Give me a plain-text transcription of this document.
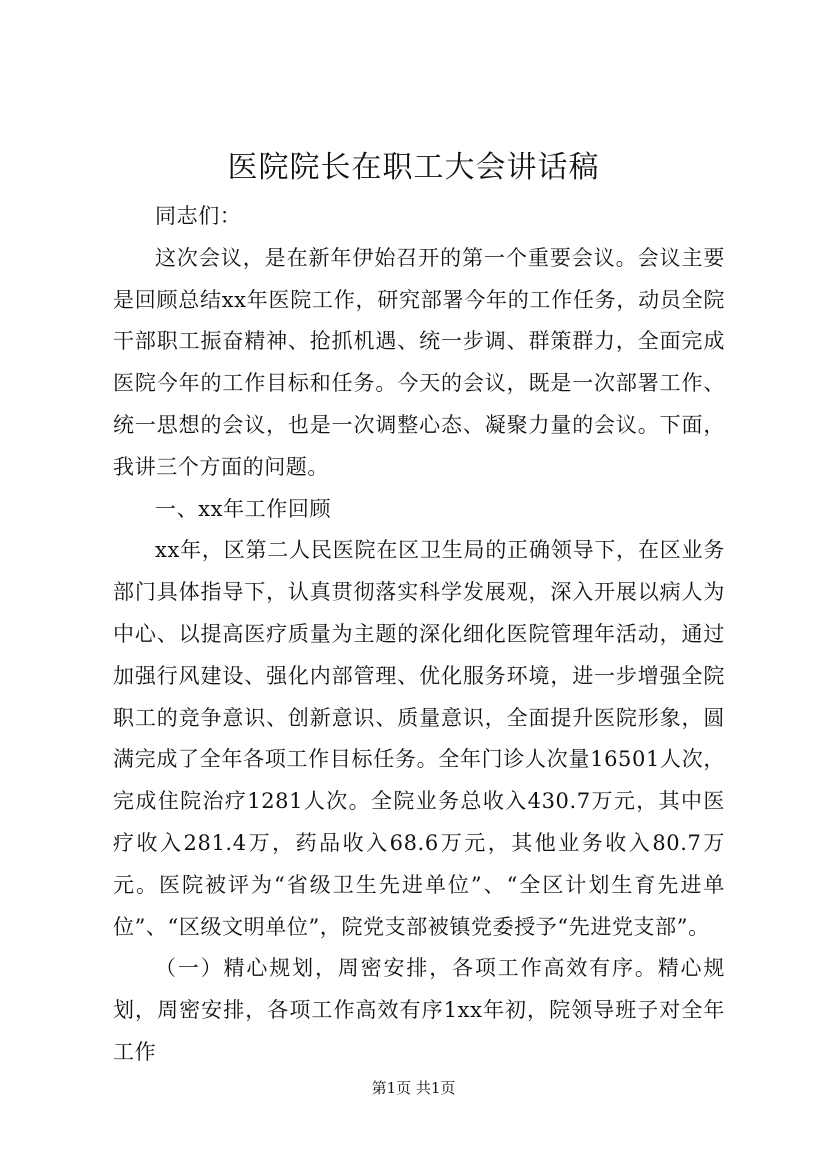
医院院长在职工大会讲话稿

同志们：

这次会议，是在新年伊始召开的第一个重要会议。会议主要是回顾总结xx年医院工作，研究部署今年的工作任务，动员全院干部职工振奋精神、抢抓机遇、统一步调、群策群力，全面完成医院今年的工作目标和任务。今天的会议，既是一次部署工作、统一思想的会议，也是一次调整心态、凝聚力量的会议。下面，我讲三个方面的问题。

一、xx年工作回顾

xx年，区第二人民医院在区卫生局的正确领导下，在区业务部门具体指导下，认真贯彻落实科学发展观，深入开展以病人为中心、以提高医疗质量为主题的深化细化医院管理年活动，通过加强行风建设、强化内部管理、优化服务环境，进一步增强全院职工的竞争意识、创新意识、质量意识，全面提升医院形象，圆满完成了全年各项工作目标任务。全年门诊人次量16501人次，完成住院治疗1281人次。全院业务总收入430.7万元，其中医疗收入281.4万，药品收入68.6万元，其他业务收入80.7万元。医院被评为“省级卫生先进单位”、“全区计划生育先进单位”、“区级文明单位”，院党支部被镇党委授予“先进党支部”。

（一）精心规划，周密安排，各项工作高效有序。精心规划，周密安排，各项工作高效有序1xx年初，院领导班子对全年工作

第1页 共1页
